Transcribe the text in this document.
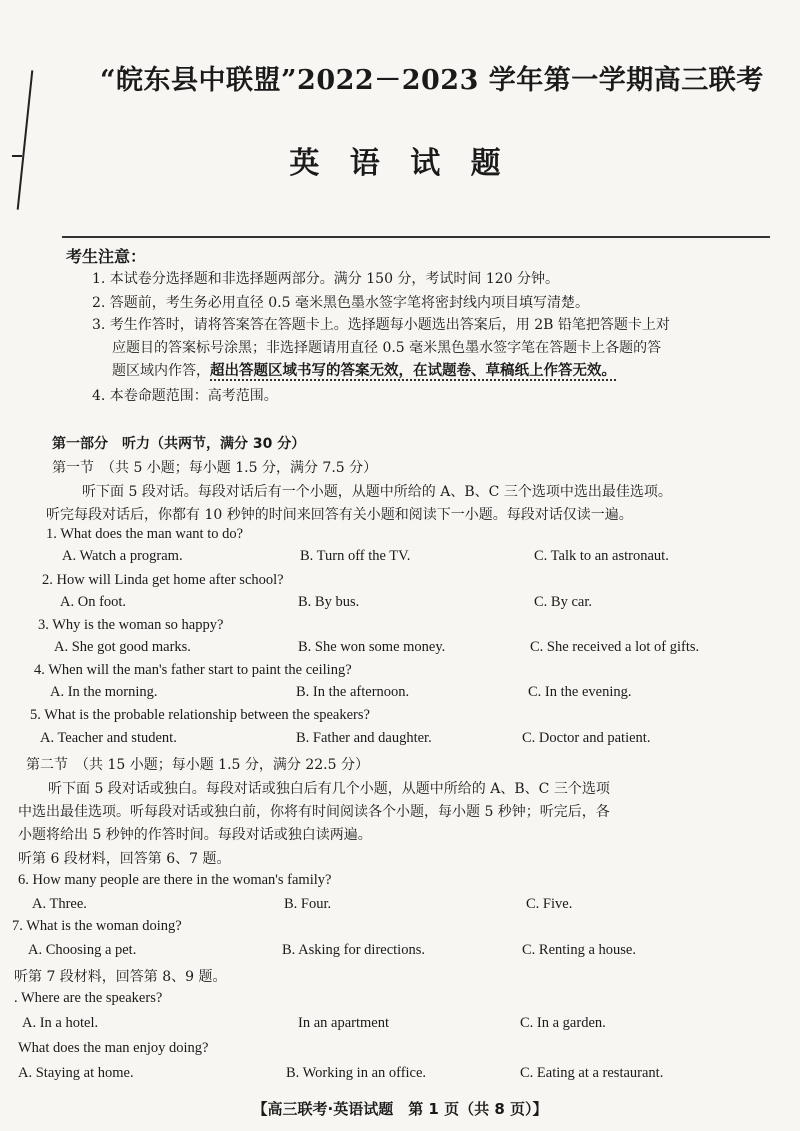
“皖东县中联盟”2022－2023 学年第一学期高三联考
英 语 试 题
考生注意：
1. 本试卷分选择题和非选择题两部分。满分 150 分，考试时间 120 分钟。
2. 答题前，考生务必用直径 0.5 毫米黑色墨水签字笔将密封线内项目填写清楚。
3. 考生作答时，请将答案答在答题卡上。选择题每小题选出答案后，用 2B 铅笔把答题卡上对
应题目的答案标号涂黑；非选择题请用直径 0.5 毫米黑色墨水签字笔在答题卡上各题的答
题区域内作答，超出答题区域书写的答案无效，在试题卷、草稿纸上作答无效。
4. 本卷命题范围：高考范围。
第一部分　听力（共两节，满分 30 分）
第一节　（共 5 小题；每小题 1.5 分，满分 7.5 分）
听下面 5 段对话。每段对话后有一个小题，从题中所给的 A、B、C 三个选项中选出最佳选项。
听完每段对话后，你都有 10 秒钟的时间来回答有关小题和阅读下一小题。每段对话仅读一遍。
1. What does the man want to do?
A. Watch a program.	B. Turn off the TV.	C. Talk to an astronaut.
2. How will Linda get home after school?
A. On foot.	B. By bus.	C. By car.
3. Why is the woman so happy?
A. She got good marks.	B. She won some money.	C. She received a lot of gifts.
4. When will the man's father start to paint the ceiling?
A. In the morning.	B. In the afternoon.	C. In the evening.
5. What is the probable relationship between the speakers?
A. Teacher and student.	B. Father and daughter.	C. Doctor and patient.
第二节　（共 15 小题；每小题 1.5 分，满分 22.5 分）
听下面 5 段对话或独白。每段对话或独白后有几个小题，从题中所给的 A、B、C 三个选项
中选出最佳选项。听每段对话或独白前，你将有时间阅读各个小题，每小题 5 秒钟；听完后，各
小题将给出 5 秒钟的作答时间。每段对话或独白读两遍。
听第 6 段材料，回答第 6、7 题。
6. How many people are there in the woman's family?
A. Three.	B. Four.	C. Five.
7. What is the woman doing?
A. Choosing a pet.	B. Asking for directions.	C. Renting a house.
听第 7 段材料，回答第 8、9 题。
. Where are the speakers?
A. In a hotel.	In an apartment	C. In a garden.
What does the man enjoy doing?
A. Staying at home.	B. Working in an office.	C. Eating at a restaurant.
【高三联考·英语试题　第 1 页（共 8 页）】
